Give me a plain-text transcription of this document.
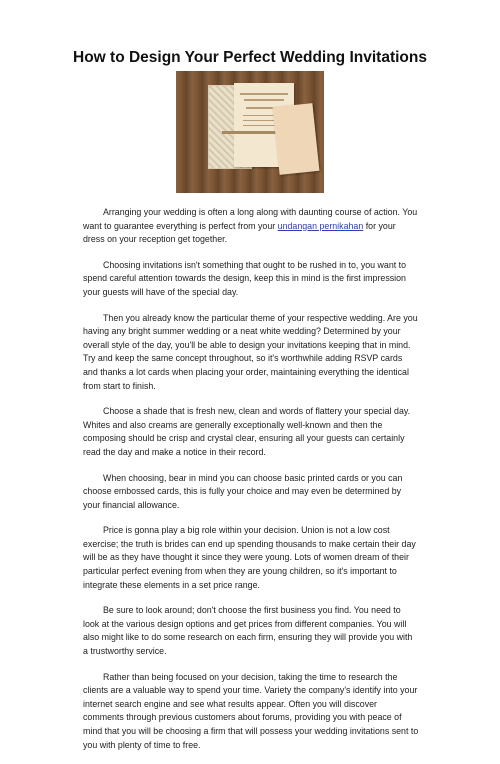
How to Design Your Perfect Wedding Invitations

Arranging your wedding is often a long along with daunting course of action. You want to guarantee everything is perfect from your undangan pernikahan for your dress on your reception get together.

Choosing invitations isn't something that ought to be rushed in to, you want to spend careful attention towards the design, keep this in mind is the first impression your guests will have of the special day.

Then you already know the particular theme of your respective wedding. Are you having any bright summer wedding or a neat white wedding? Determined by your overall style of the day, you'll be able to design your invitations keeping that in mind. Try and keep the same concept throughout, so it's worthwhile adding RSVP cards and thanks a lot cards when placing your order, maintaining everything the identical from start to finish.

Choose a shade that is fresh new, clean and words of flattery your special day. Whites and also creams are generally exceptionally well-known and then the composing should be crisp and crystal clear, ensuring all your guests can certainly read the day and make a notice in their record.

When choosing, bear in mind you can choose basic printed cards or you can choose embossed cards, this is fully your choice and may even be determined by your financial allowance.

Price is gonna play a big role within your decision. Union is not a low cost exercise; the truth is brides can end up spending thousands to make certain their day will be as they have thought it since they were young. Lots of women dream of their particular perfect evening from when they are young children, so it's important to integrate these elements in a set price range.

Be sure to look around; don't choose the first business you find. You need to look at the various design options and get prices from different companies. You will also might like to do some research on each firm, ensuring they will provide you with a trustworthy service.

Rather than being focused on your decision, taking the time to research the clients are a valuable way to spend your time. Variety the company's identify into your internet search engine and see what results appear. Often you will discover comments through previous customers about forums, providing you with peace of mind that you will be choosing a firm that will possess your wedding invitations sent to you with plenty of time to free.
